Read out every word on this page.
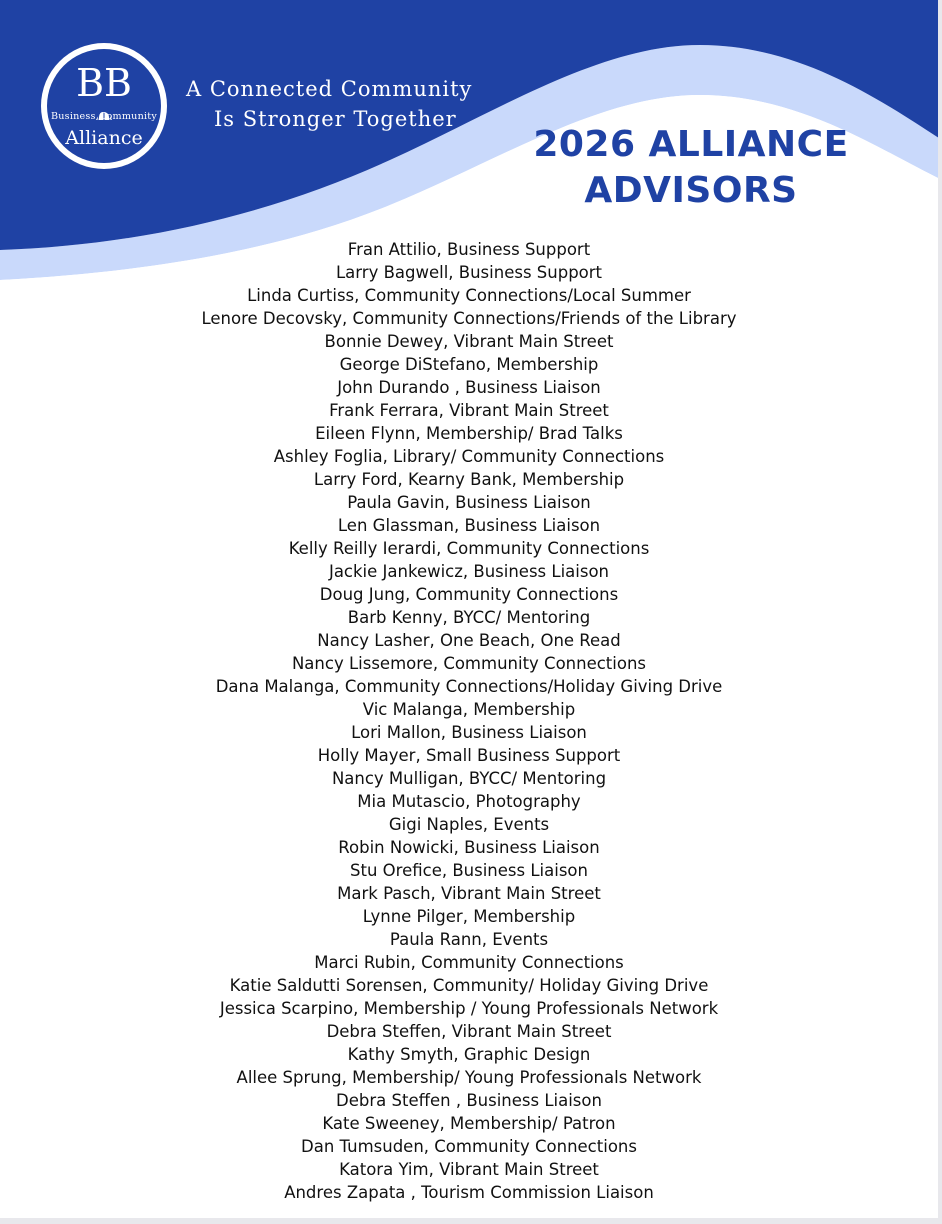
BB
Business Community
Alliance
A Connected Community
Is Stronger Together
2026 ALLIANCE
ADVISORS
Fran Attilio, Business Support
Larry Bagwell, Business Support
Linda Curtiss, Community Connections/Local Summer
Lenore Decovsky, Community Connections/Friends of the Library
Bonnie Dewey, Vibrant Main Street
George DiStefano, Membership
John Durando , Business Liaison
Frank Ferrara, Vibrant Main Street
Eileen Flynn, Membership/ Brad Talks
Ashley Foglia, Library/ Community Connections
Larry Ford, Kearny Bank, Membership
Paula Gavin, Business Liaison
Len Glassman, Business Liaison
Kelly Reilly Ierardi, Community Connections
Jackie Jankewicz, Business Liaison
Doug Jung, Community Connections
Barb Kenny, BYCC/ Mentoring
Nancy Lasher, One Beach, One Read
Nancy Lissemore, Community Connections
Dana Malanga, Community Connections/Holiday Giving Drive
Vic Malanga, Membership
Lori Mallon, Business Liaison
Holly Mayer, Small Business Support
Nancy Mulligan, BYCC/ Mentoring
Mia Mutascio, Photography
Gigi Naples, Events
Robin Nowicki, Business Liaison
Stu Orefice, Business Liaison
Mark Pasch, Vibrant Main Street
Lynne Pilger, Membership
Paula Rann, Events
Marci Rubin, Community Connections
Katie Saldutti Sorensen, Community/ Holiday Giving Drive
Jessica Scarpino, Membership / Young Professionals Network
Debra Steffen, Vibrant Main Street
Kathy Smyth, Graphic Design
Allee Sprung, Membership/ Young Professionals Network
Debra Steffen , Business Liaison
Kate Sweeney, Membership/ Patron
Dan Tumsuden, Community Connections
Katora Yim, Vibrant Main Street
Andres Zapata , Tourism Commission Liaison
